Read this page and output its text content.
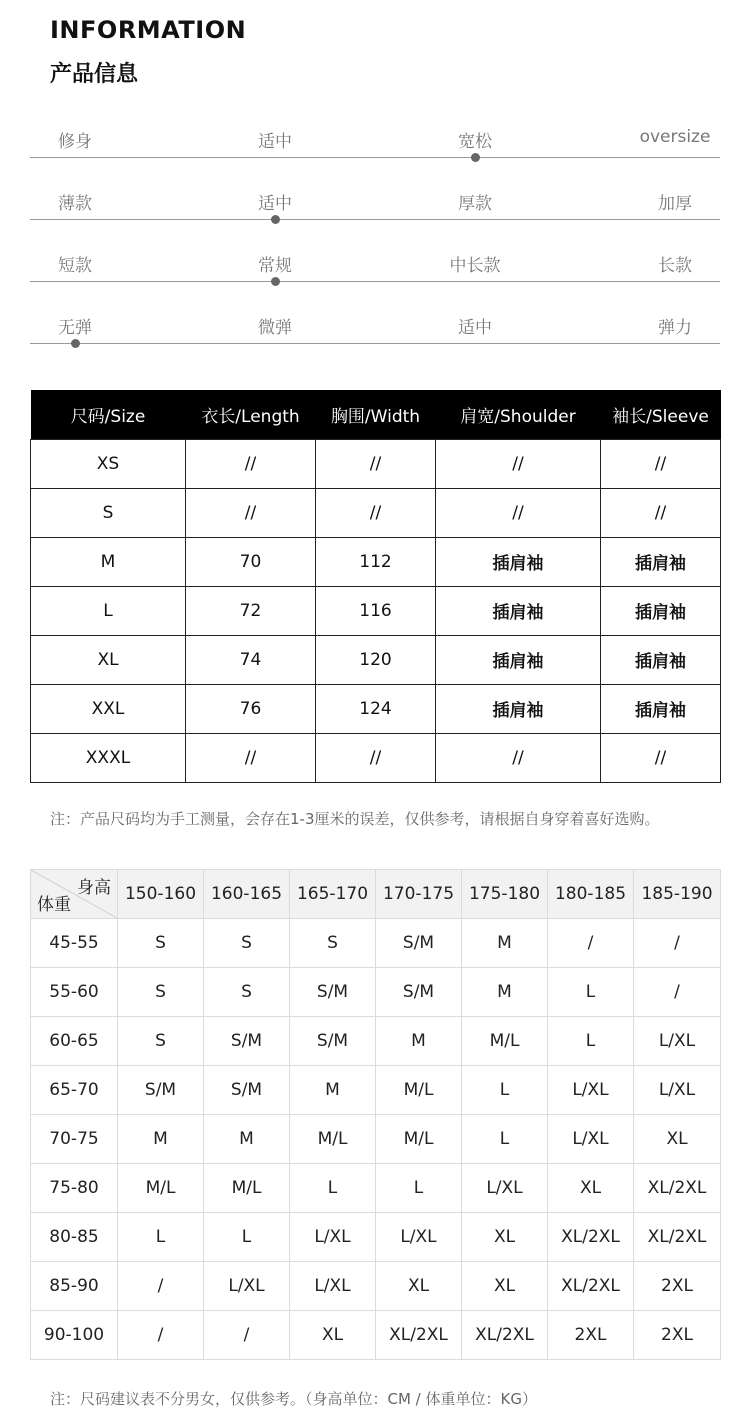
INFORMATION
产品信息
修身	适中	宽松	oversize
薄款	适中	厚款	加厚
短款	常规	中长款	长款
无弹	微弹	适中	弹力
尺码/Size	衣长/Length	胸围/Width	肩宽/Shoulder	袖长/Sleeve
XS	//	//	//	//
S	//	//	//	//
M	70	112	插肩袖	插肩袖
L	72	116	插肩袖	插肩袖
XL	74	120	插肩袖	插肩袖
XXL	76	124	插肩袖	插肩袖
XXXL	//	//	//	//
注：产品尺码均为手工测量，会存在1-3厘米的误差，仅供参考，请根据自身穿着喜好选购。
身高
体重	150-160	160-165	165-170	170-175	175-180	180-185	185-190
45-55	S	S	S	S/M	M	/	/
55-60	S	S	S/M	S/M	M	L	/
60-65	S	S/M	S/M	M	M/L	L	L/XL
65-70	S/M	S/M	M	M/L	L	L/XL	L/XL
70-75	M	M	M/L	M/L	L	L/XL	XL
75-80	M/L	M/L	L	L	L/XL	XL	XL/2XL
80-85	L	L	L/XL	L/XL	XL	XL/2XL	XL/2XL
85-90	/	L/XL	L/XL	XL	XL	XL/2XL	2XL
90-100	/	/	XL	XL/2XL	XL/2XL	2XL	2XL
注：尺码建议表不分男女，仅供参考。（身高单位：CM / 体重单位：KG）
